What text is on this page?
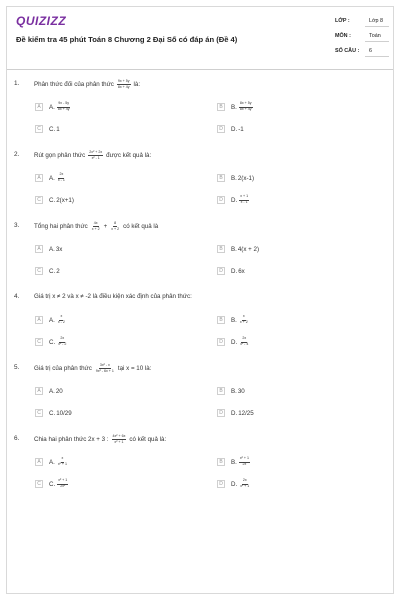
QUIZIZZ
Đề kiểm tra 45 phút Toán 8 Chương 2 Đại Số có đáp án (Đề 4)
LỚP :	Lớp 8
MÔN :	Toán
SỐ CÂU : 6
1. Phân thức đối của phân thức $\frac{9x + 5y}{8x + 4y}$ là:
A	A. $\frac{9x - 5y}{8x + 4y}$	B	B. $\frac{8x + 5y}{8x + 4y}$
C	C. 1	D	D. -1
2. Rút gọn phân thức $\frac{\text{2x² + 2x}}{\text{x² - 1}}$ được kết quả là:
A	A. $\frac{2x}{x - 1}$	B	B. 2(x-1)
C	C. 2(x+1)	D	D. $\frac{x + 1}{x - 1}$
3. Tổng hai phân thức $\frac{4x}{x + 2} + \frac{8}{x + 2}$ có kết quả là
A	A. 3x	B	B. 4(x + 2)
C	C. 2	D	D. 6x
4. Giá trị x ≠ 2 và x ≠ -2 là điều kiện xác định của phân thức:
A	A. $\frac{x}{x - 2}$	B	B. $\frac{x}{x + 2}$
C	C. $\frac{2x}{\text{x² - 2}}$	D	D. $\frac{2x}{\text{x² - 4}}$
5. Giá trị của phân thức $\frac{\text{3x² - x}}{\text{9x² - 6x + 1}}$ tại x = 10 là:
A	A. 20	B	B. 30
C	C. 10/29	D	D. 12/25
6. Chia hai phân thức 2x + 3 : $\frac{\text{4x² + 6x}}{\text{x² + 1}}$ có kết quả là:
A	A. $\frac{x}{\text{x² + 1}}$	B	B. $\frac{\text{x² + 1}}{2x}$
C	C. $\frac{\text{x² + 1}}{\text{2x²}}$	D	D. $\frac{2x}{\text{x² + 1}}$
